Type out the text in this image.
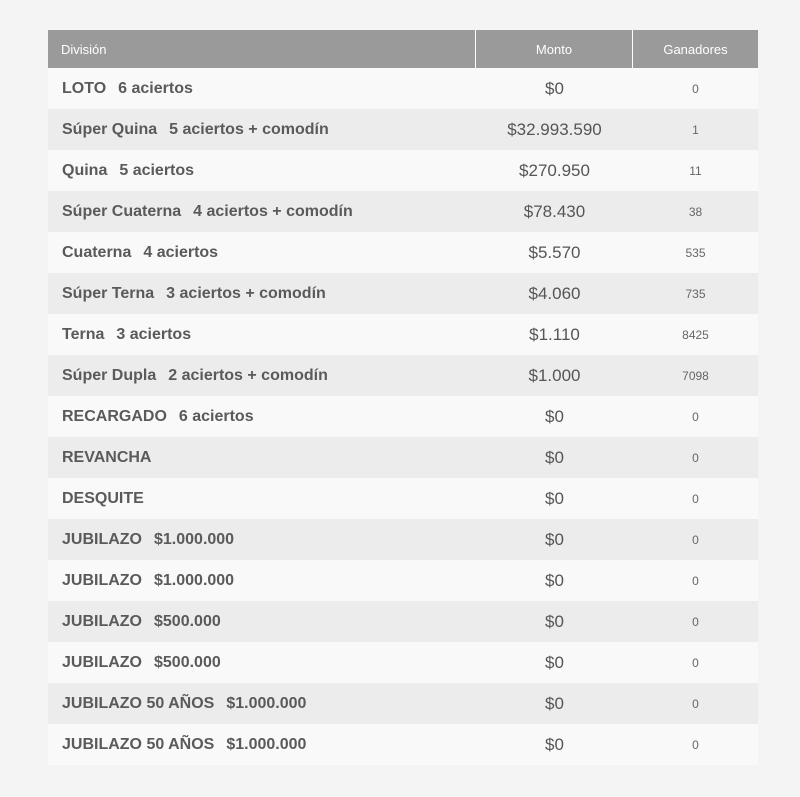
División	Monto	Ganadores
LOTO 6 aciertos	$0	0
Súper Quina 5 aciertos + comodín	$32.993.590	1
Quina 5 aciertos	$270.950	11
Súper Cuaterna 4 aciertos + comodín	$78.430	38
Cuaterna 4 aciertos	$5.570	535
Súper Terna 3 aciertos + comodín	$4.060	735
Terna 3 aciertos	$1.110	8425
Súper Dupla 2 aciertos + comodín	$1.000	7098
RECARGADO 6 aciertos	$0	0
REVANCHA	$0	0
DESQUITE	$0	0
JUBILAZO $1.000.000	$0	0
JUBILAZO $1.000.000	$0	0
JUBILAZO $500.000	$0	0
JUBILAZO $500.000	$0	0
JUBILAZO 50 AÑOS $1.000.000	$0	0
JUBILAZO 50 AÑOS $1.000.000	$0	0
